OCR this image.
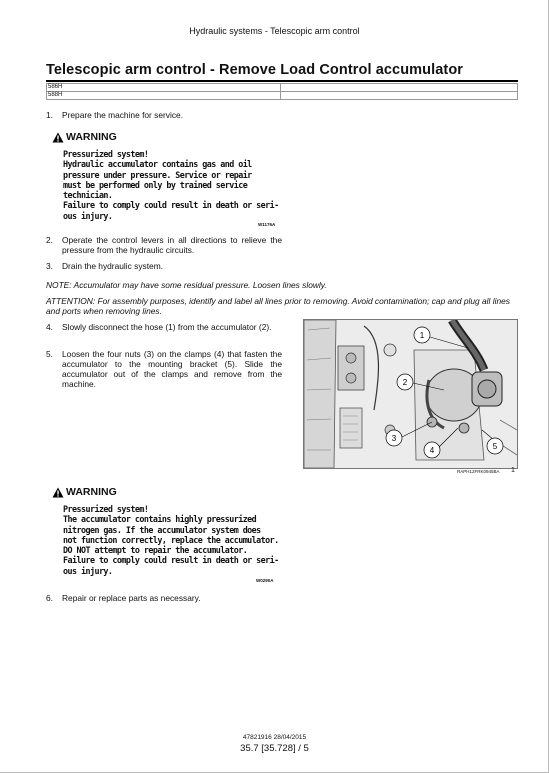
Hydraulic systems - Telescopic arm control
Telescopic arm control - Remove Load Control accumulator
586H	
588H	
1. Prepare the machine for service.
WARNING
Pressurized system!
Hydraulic accumulator contains gas and oil
pressure under pressure. Service or repair
must be performed only by trained service
technician.
Failure to comply could result in death or seri-
ous injury.
W1176A
2. Operate the control levers in all directions to relieve the pressure from the hydraulic circuits.
3. Drain the hydraulic system.
NOTE: Accumulator may have some residual pressure. Loosen lines slowly.
ATTENTION: For assembly purposes, identify and label all lines prior to removing. Avoid contamination; cap and plug all lines and ports when removing lines.
4. Slowly disconnect the hose (1) from the accumulator (2).
5. Loosen the four nuts (3) on the clamps (4) that fasten the accumulator to the mounting bracket (5). Slide the accumulator out of the clamps and remove from the machine.
1
2
3
4	5
RAPH12FRK0945BA 1
WARNING
Pressurized system!
The accumulator contains highly pressurized
nitrogen gas. If the accumulator system does
not function correctly, replace the accumulator.
DO NOT attempt to repair the accumulator.
Failure to comply could result in death or seri-
ous injury.
W0290A
6. Repair or replace parts as necessary.
47821916 28/04/2015
35.7 [35.728] / 5
